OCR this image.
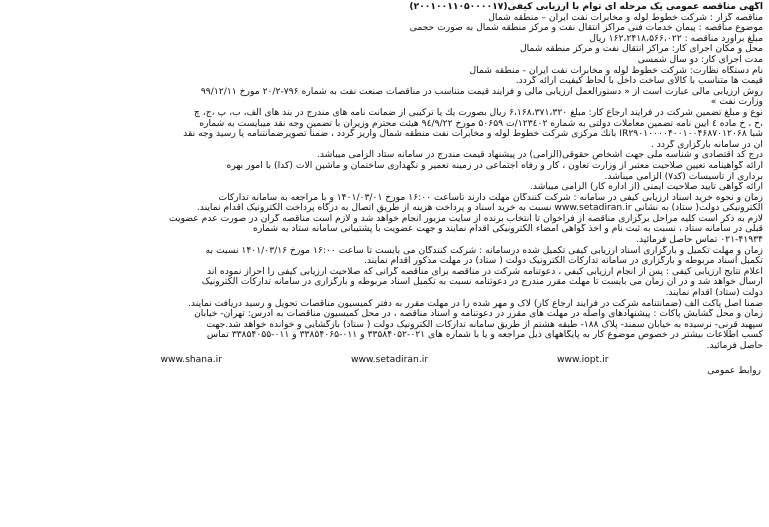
آگهی مناقصه عمومی یک مرحله ای توام با ارزیابی کیفی(۲۰۰۱۰۰۱۱۰۵۰۰۰۰۱۷)
مناقصه گزار : شرکت خطوط لوله و مخابرات نفت ایران – منطقه شمال
موضوع مناقصه : پیمان خدمات فنی مراکز انتقال نفت و مرکز منطقه شمال به صورت حجمی
مبلغ برآورد مناقصه : ۱۶۲،۲۴۱۸،۵۶۶،۰۲۲ ریال
محل و مکان اجرای کار: مراکز انتقال نفت و مرکز منطقه شمال
مدت اجرای کار: دو سال شمسی
نام دستگاه نظارت: شرکت خطوط لوله و مخابرات نفت ایران - منطقه شمال
قیمت ها متناسب با کالای ساخت داخل با لحاظ کیفیت ارائه گردد.
روش ارزیابی مالی عبارت است از « دستورالعمل ارزیابی مالی و فرآیند قیمت متناسب در مناقصات صنعت نفت به شماره ۷۹۶-۲۰/۲ مورخ ۹۹/۱۲/۱۱
وزارت نفت »
نوع و مبلغ تضمین شرکت در فرآیند ارجاع کار: مبلغ ۶،۱۶۸،۳۷۱،۳۲۰ ریال بصورت یك یا تركیبی از ضمانت نامه های مندرج در بند های الف، ب، پ ،ج، چ
،ح ، خ ماده ٤ آیین نامه تضمین معاملات دولتی به شماره ۱۲۳٤۰۲/ت ۵۰۶۵۹ مورخ ۹٤/۹/۲۲ هیئت محترم وزیران با تضمین وجه نقد میبایست به شماره
شبا IR۲۹۰۱۰۰۰۰۴۰۰۱۰۰۴۶۸۷۰۱۲۰۶۸ بانك مركزی شركت خطوط لوله و مخابرات نفت منطقه شمال واریز گردد ، ضمناً تصویرضمانتنامه یا رسید وجه نقد
آن در سامانه بارگزاری گردد .
درج کد اقتصادی و شناسه ملی جهت اشخاص حقوقی(الزامی) در پیشنهاد قیمت مندرج در سامانه ستاد الزامی میباشد.
ارائه گواهینامه تعیین صلاحیت معتبر از وزارت تعاون ، کار و رفاه اجتماعی در زمینه تعمیر و نگهداری ساختمان و ماشین آلات (کدا) با امور بهره
برداری از تاسیسات (کد۷) الزامی میباشد.
ارائه گواهی تایید صلاحیت ایمنی (از اداره کار) الزامی میباشد.
زمان و نحوه خرید اسناد ارزیابی کیفی در سامانه : شرکت کنندگان مهلت دارند تاساعت ۱۶:۰۰ مورخ ۱۴۰۱/۰۳/۰۱ و با مراجعه به سامانه تدارکات
الکترونیکی دولت( ستاد) به نشانی www.setadiran.ir نسبت به خرید اسناد و پرداخت هزینه از طریق اتصال به درگاه پرداخت الکترونیک اقدام نمایند.
لازم به ذکر است کلیه مراحل برگزاری مناقصه از فراخوان تا انتخاب برنده از سایت مزبور انجام خواهد شد و لازم است مناقصه گران در صورت عدم عضویت
قبلی در سامانه ستاد ، نسبت به ثبت نام و اخذ گواهی امضاء الکترونیکی اقدام نمایند و جهت عضویت با پشتیبانی سامانه ستاد به شماره
۰۲۱-۴۱۹۳۴ تماس حاصل فرمائید.
زمان و مهلت تکمیل و بارگزاری اسناد ارزیابی کیفی تکمیل شده درسامانه : شرکت کنندگان می بایست تا ساعت ۱۶:۰۰ مورخ ۱۴۰۱/۰۳/۱۶ نسبت به
تکمیل اسناد مربوطه و بارگزاری در سامانه تدارکات الکترونیک دولت ( ستاد) در مهلت مذکور اقدام نمایند.
اعلام نتایج ارزیابی کیفی : پس از انجام ارزیابی کیفی ، دعوتنامه شرکت در مناقصه برای مناقصه گرانی که صلاحیت ارزیابی کیفی را احراز نموده اند
ارسال خواهد شد و در آن زمان می بایست تا مهلت مقرر مندرج در دعوتنامه نسبت به تکمیل اسناد مربوطه و بارگزاری در سامانه تدارکات الکترونیک
دولت (ستاد) اقدام نمایند.
ضمنا اصل پاکت الف (ضمانتنامه شرکت در فرآیند ارجاع کار) لاک و مهر شده را در مهلت مقرر به دفتر کمیسیون مناقصات تحویل و رسید دریافت نمایند.
زمان و محل گشایش پاکات : پیشنهادهای واصله در مهلت های مقرر در دعوتنامه و اسناد مناقصه ، در محل کمیسیون مناقصات به آدرس: تهران- خیابان
سپهبد قرنی- نرسیده به خیابان سمند- پلاک ۱۸۸- طبقه هشتم از طریق سامانه تدارکات الکترونیک دولت ( ستاد) بازگشایی و خوانده خواهد شد.جهت
کسب اطلاعات بیشتر در خصوص موضوع کار به پایگاههای ذیل مراجعه و یا با شماره های ۰۲۱-۳۳۵۸۴۰۵۲ و ۰۱۱-۳۳۸۵۴۰۶۵ و ۰۱۱-۳۳۸۵۴۰۵۵ تماس
حاصل فرمائید.
www.shana.ir	www.setadiran.ir	www.iopt.ir
روابط عمومی
